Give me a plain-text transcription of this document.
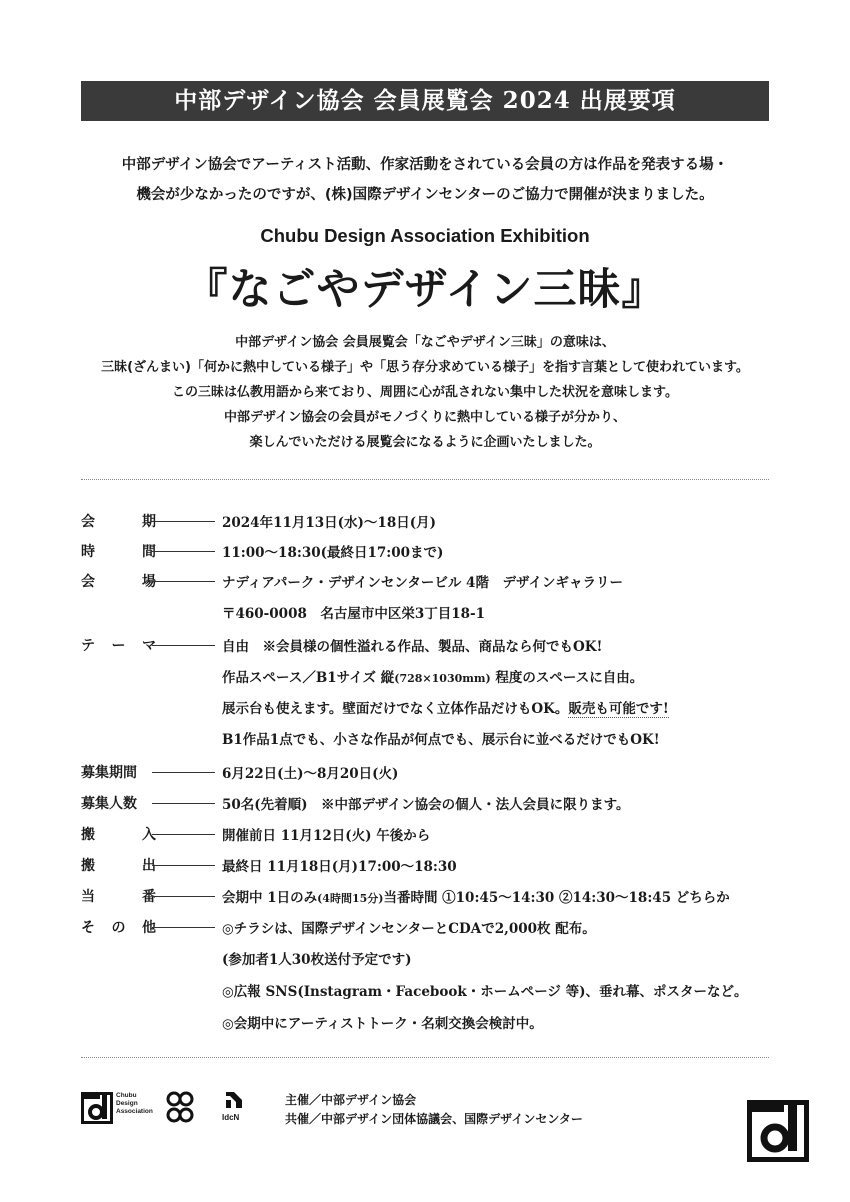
中部デザイン協会 会員展覧会 2024 出展要項
中部デザイン協会でアーティスト活動、作家活動をされている会員の方は作品を発表する場・
機会が少なかったのですが、(株)国際デザインセンターのご協力で開催が決まりました。
Chubu Design Association Exhibition
『なごやデザイン三昧』
中部デザイン協会 会員展覧会「なごやデザイン三昧」の意味は、
三昧(ざんまい)「何かに熱中している様子」や「思う存分求めている様子」を指す言葉として使われています。
この三昧は仏教用語から来ており、周囲に心が乱されない集中した状況を意味します。
中部デザイン協会の会員がモノづくりに熱中している様子が分かり、
楽しんでいただける展覧会になるように企画いたしました。
会	期	2024年11月13日(水)～18日(月)
時	間	11:00～18:30(最終日17:00まで)
会	場	ナディアパーク・デザインセンタービル 4階　デザインギャラリー
〒460-0008　名古屋市中区栄3丁目18-1
テ ー マ	自由　※会員様の個性溢れる作品、製品、商品なら何でもOK!
作品スペース／B1サイズ 縦(728×1030mm) 程度のスペースに自由。
展示台も使えます。壁面だけでなく立体作品だけもOK。販売も可能です!
B1作品1点でも、小さな作品が何点でも、展示台に並べるだけでもOK!
募集期間	6月22日(土)～8月20日(火)
募集人数	50名(先着順)　※中部デザイン協会の個人・法人会員に限ります。
搬	入	開催前日 11月12日(火) 午後から
搬	出	最終日 11月18日(月)17:00～18:30
当	番	会期中 1日のみ(4時間15分)当番時間 ①10:45～14:30 ②14:30～18:45 どちらか
そ の 他	◎チラシは、国際デザインセンターとCDAで2,000枚 配布。
(参加者1人30枚送付予定です)
◎広報 SNS(Instagram・Facebook・ホームページ 等)、垂れ幕、ポスターなど。
◎会期中にアーティストトーク・名刺交換会検討中。
Chubu
Design
Association
IdcN
主催／中部デザイン協会
共催／中部デザイン団体協議会、国際デザインセンター
